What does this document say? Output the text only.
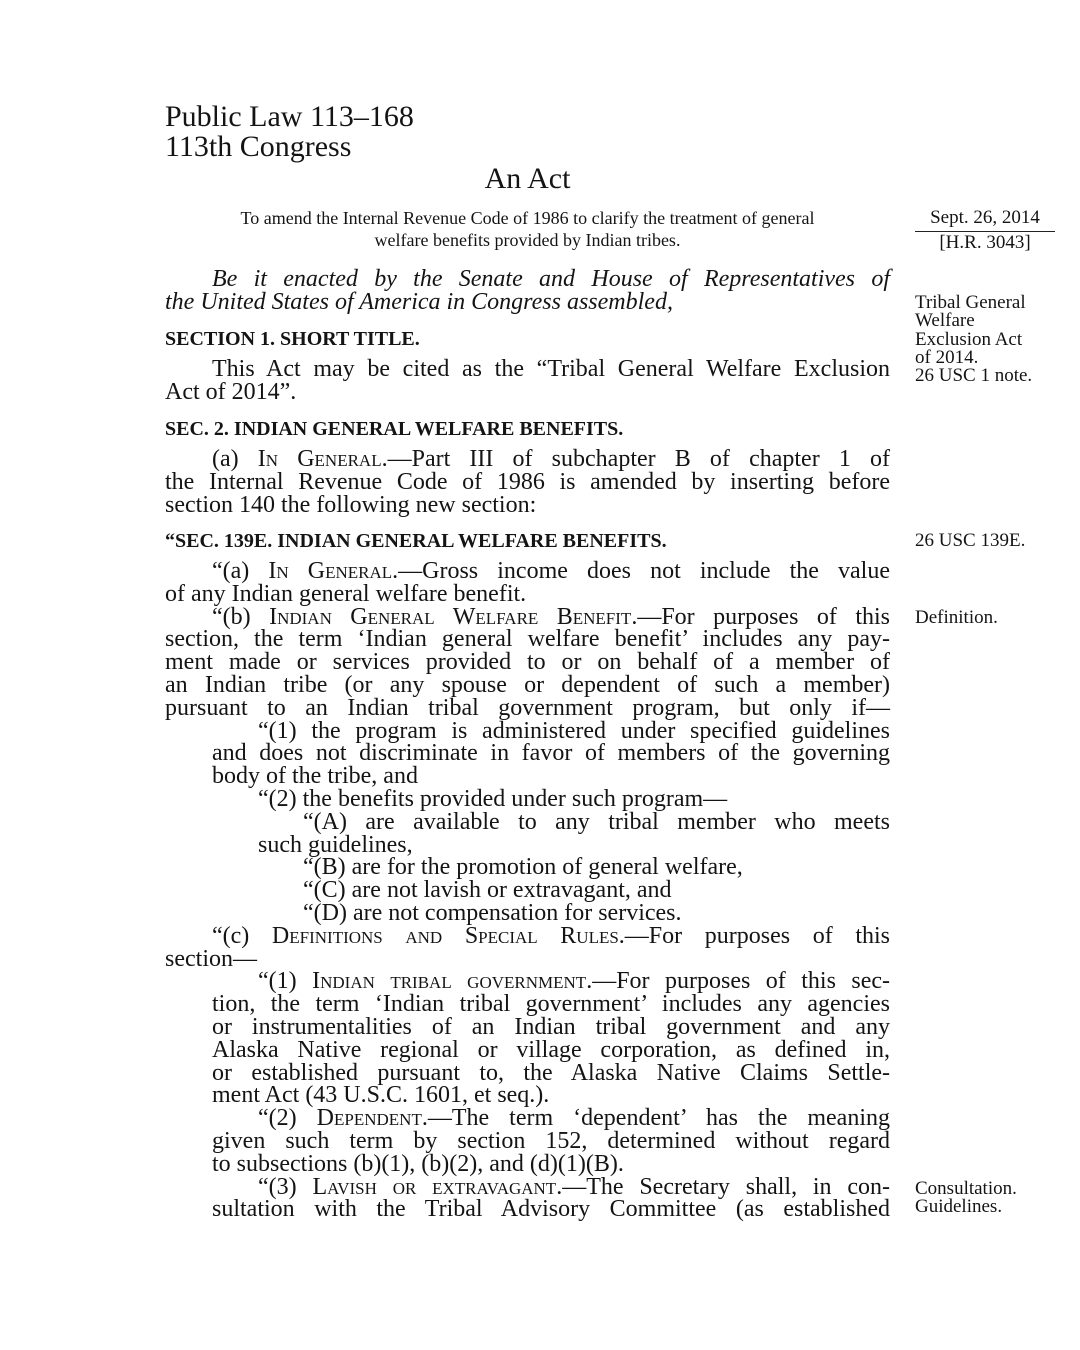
Public Law 113–168
113th Congress
An Act
To amend the Internal Revenue Code of 1986 to clarify the treatment of general
welfare benefits provided by Indian tribes.
Sept. 26, 2014
[H.R. 3043]
Tribal General
Welfare
Exclusion Act
of 2014.
26 USC 1 note.
26 USC 139E.
Definition.
Consultation.
Guidelines.
Be it enacted by the Senate and House of Representatives of
the United States of America in Congress assembled,
SECTION 1. SHORT TITLE.
This Act may be cited as the “Tribal General Welfare Exclusion
Act of 2014”.
SEC. 2. INDIAN GENERAL WELFARE BENEFITS.
(a) In General.—Part III of subchapter B of chapter 1 of
the Internal Revenue Code of 1986 is amended by inserting before
section 140 the following new section:
“SEC. 139E. INDIAN GENERAL WELFARE BENEFITS.
“(a) In General.—Gross income does not include the value
of any Indian general welfare benefit.
“(b) Indian General Welfare Benefit.—For purposes of this
section, the term ‘Indian general welfare benefit’ includes any pay-
ment made or services provided to or on behalf of a member of
an Indian tribe (or any spouse or dependent of such a member)
pursuant to an Indian tribal government program, but only if—
“(1) the program is administered under specified guidelines
and does not discriminate in favor of members of the governing
body of the tribe, and
“(2) the benefits provided under such program—
“(A) are available to any tribal member who meets
such guidelines,
“(B) are for the promotion of general welfare,
“(C) are not lavish or extravagant, and
“(D) are not compensation for services.
“(c) Definitions and Special Rules.—For purposes of this
section—
“(1) Indian tribal government.—For purposes of this sec-
tion, the term ‘Indian tribal government’ includes any agencies
or instrumentalities of an Indian tribal government and any
Alaska Native regional or village corporation, as defined in,
or established pursuant to, the Alaska Native Claims Settle-
ment Act (43 U.S.C. 1601, et seq.).
“(2) Dependent.—The term ‘dependent’ has the meaning
given such term by section 152, determined without regard
to subsections (b)(1), (b)(2), and (d)(1)(B).
“(3) Lavish or extravagant.—The Secretary shall, in con-
sultation with the Tribal Advisory Committee (as established
